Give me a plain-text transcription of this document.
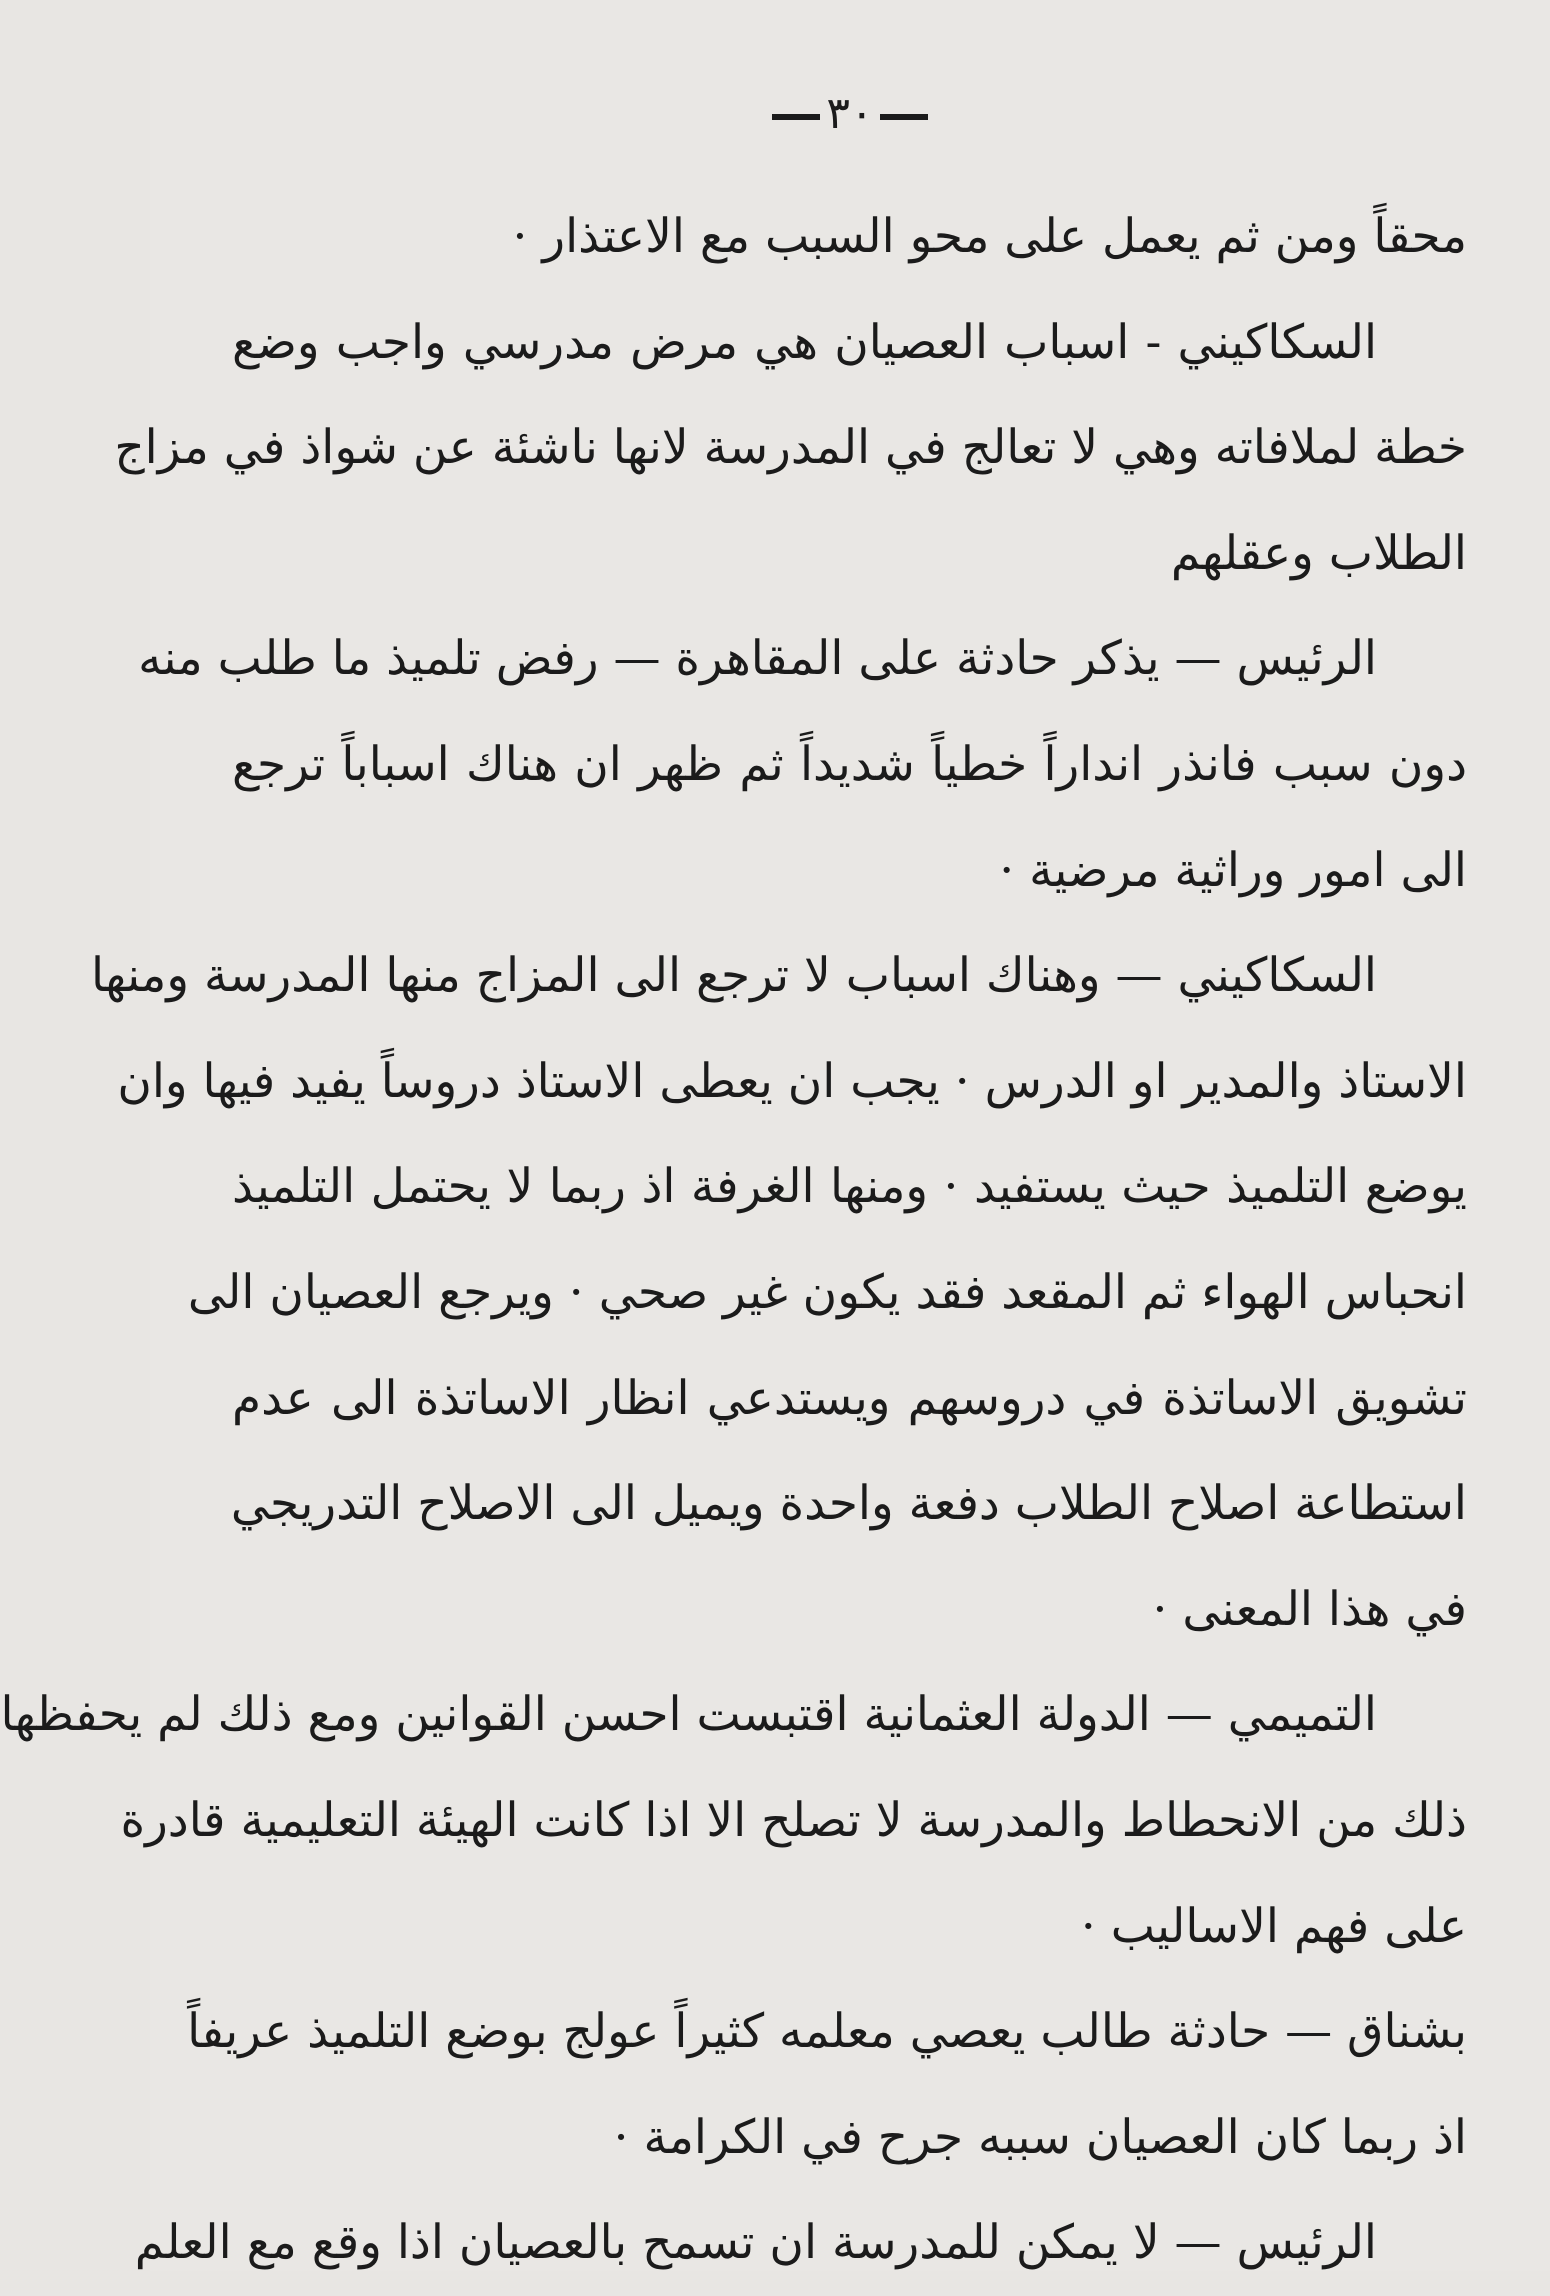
٣٠
محقاً ومن ثم يعمل على محو السبب مع الاعتذار ·
السكاكيني - اسباب العصيان هي مرض مدرسي واجب وضع
خطة لملافاته وهي لا تعالج في المدرسة لانها ناشئة عن شواذ في مزاج
الطلاب وعقلهم
الرئيس — يذكر حادثة على المقاهرة — رفض تلميذ ما طلب منه
دون سبب فانذر انداراً خطياً شديداً ثم ظهر ان هناك اسباباً ترجع
الى امور وراثية مرضية ·
السكاكيني — وهناك اسباب لا ترجع الى المزاج منها المدرسة ومنها
الاستاذ والمدير او الدرس · يجب ان يعطى الاستاذ دروساً يفيد فيها وان
يوضع التلميذ حيث يستفيد · ومنها الغرفة اذ ربما لا يحتمل التلميذ
انحباس الهواء ثم المقعد فقد يكون غير صحي · ويرجع العصيان الى
تشويق الاساتذة في دروسهم ويستدعي انظار الاساتذة الى عدم
استطاعة اصلاح الطلاب دفعة واحدة ويميل الى الاصلاح التدريجي
في هذا المعنى ·
التميمي — الدولة العثمانية اقتبست احسن القوانين ومع ذلك لم يحفظها
ذلك من الانحطاط والمدرسة لا تصلح الا اذا كانت الهيئة التعليمية قادرة
على فهم الاساليب ·
بشناق — حادثة طالب يعصي معلمه كثيراً عولج بوضع التلميذ عريفاً
اذ ربما كان العصيان سببه جرح في الكرامة ·
الرئيس — لا يمكن للمدرسة ان تسمح بالعصيان اذا وقع مع العلم
